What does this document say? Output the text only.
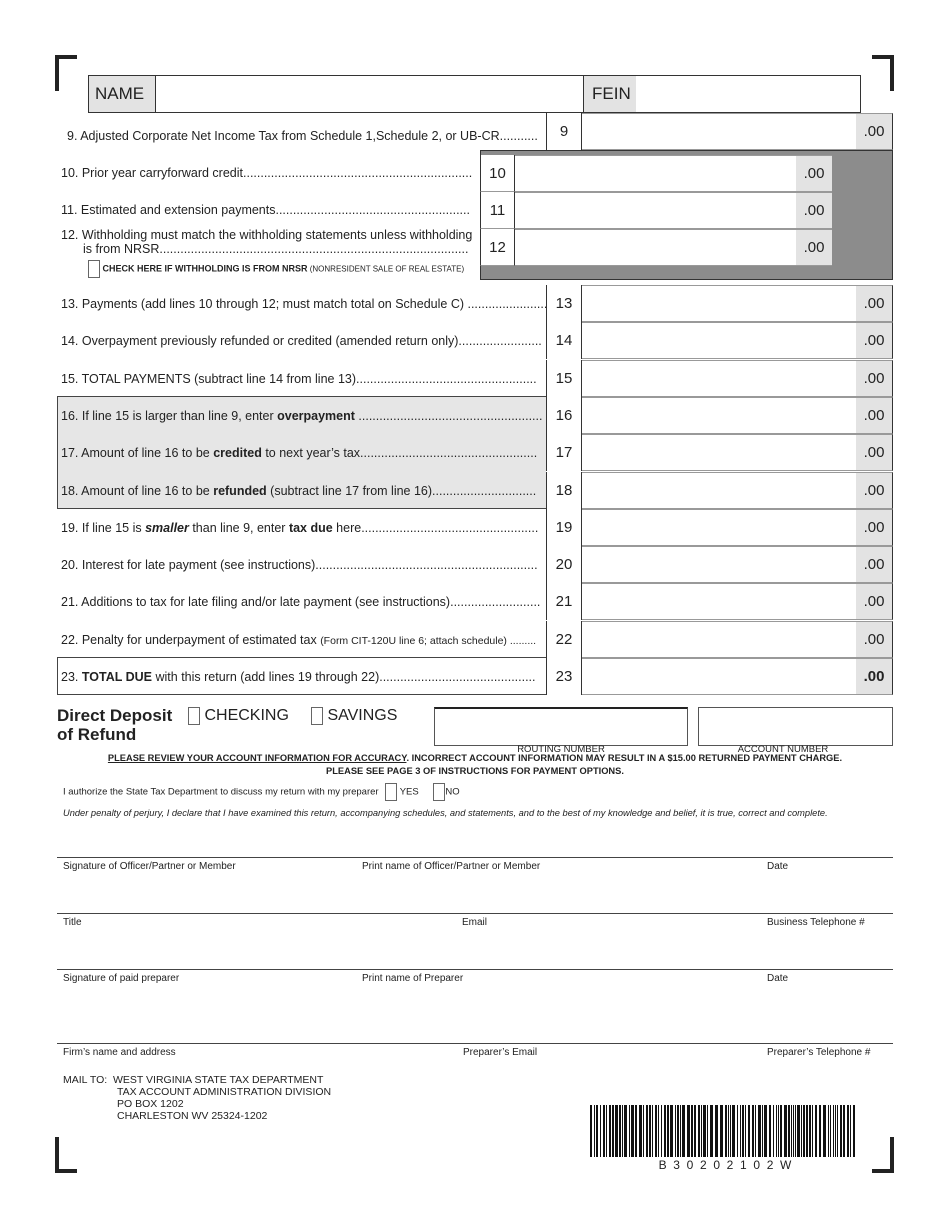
NAME	FEIN
9. Adjusted Corporate Net Income Tax from Schedule 1,Schedule 2, or UB-CR...........	9	.00
10. Prior year carryforward credit..................................................................	10	.00
11. Estimated and extension payments........................................................	11	.00
12. Withholding must match the withholding statements unless withholding
is from NRSR.........................................................................................	12	.00
CHECK HERE IF WITHHOLDING IS FROM NRSR (NONRESIDENT SALE OF REAL ESTATE)
13. Payments (add lines 10 through 12; must match total on Schedule C) ....................... 13	.00
14. Overpayment previously refunded or credited (amended return only)........................ 14	.00
15. TOTAL PAYMENTS (subtract line 14 from line 13)....................................................	15	.00
16. If line 15 is larger than line 9, enter overpayment ..................................................... 16	.00
17. Amount of line 16 to be credited to next year’s tax...................................................	17	.00
18. Amount of line 16 to be refunded (subtract line 17 from line 16)..............................	18	.00
19. If line 15 is smaller than line 9, enter tax due here...................................................	19	.00
20. Interest for late payment (see instructions)................................................................	20	.00
21. Additions to tax for late filing and/or late payment (see instructions)..........................	21	.00
22. Penalty for underpayment of estimated tax (Form CIT-120U line 6; attach schedule) .........	22	.00
23. TOTAL DUE with this return (add lines 19 through 22).............................................	23	.00
Direct Deposit
of Refund
CHECKING	SAVINGS
ROUTING NUMBER	ACCOUNT NUMBER
PLEASE REVIEW YOUR ACCOUNT INFORMATION FOR ACCURACY. INCORRECT ACCOUNT INFORMATION MAY RESULT IN A $15.00 RETURNED PAYMENT CHARGE.
PLEASE SEE PAGE 3 OF INSTRUCTIONS FOR PAYMENT OPTIONS.
I authorize the State Tax Department to discuss my return with my preparer YES	NO
Under penalty of perjury, I declare that I have examined this return, accompanying schedules, and statements, and to the best of my knowledge and belief, it is true, correct and complete.
Signature of Officer/Partner or Member	Print name of Officer/Partner or Member	Date
Title	Email	Business Telephone #
Signature of paid preparer	Print name of Preparer	Date
Firm’s name and address	Preparer’s Email	Preparer’s Telephone #
MAIL TO: WEST VIRGINIA STATE TAX DEPARTMENT
TAX ACCOUNT ADMINISTRATION DIVISION
PO BOX 1202
CHARLESTON WV 25324-1202
B  3  0  2  0  2  1  0  2  W
